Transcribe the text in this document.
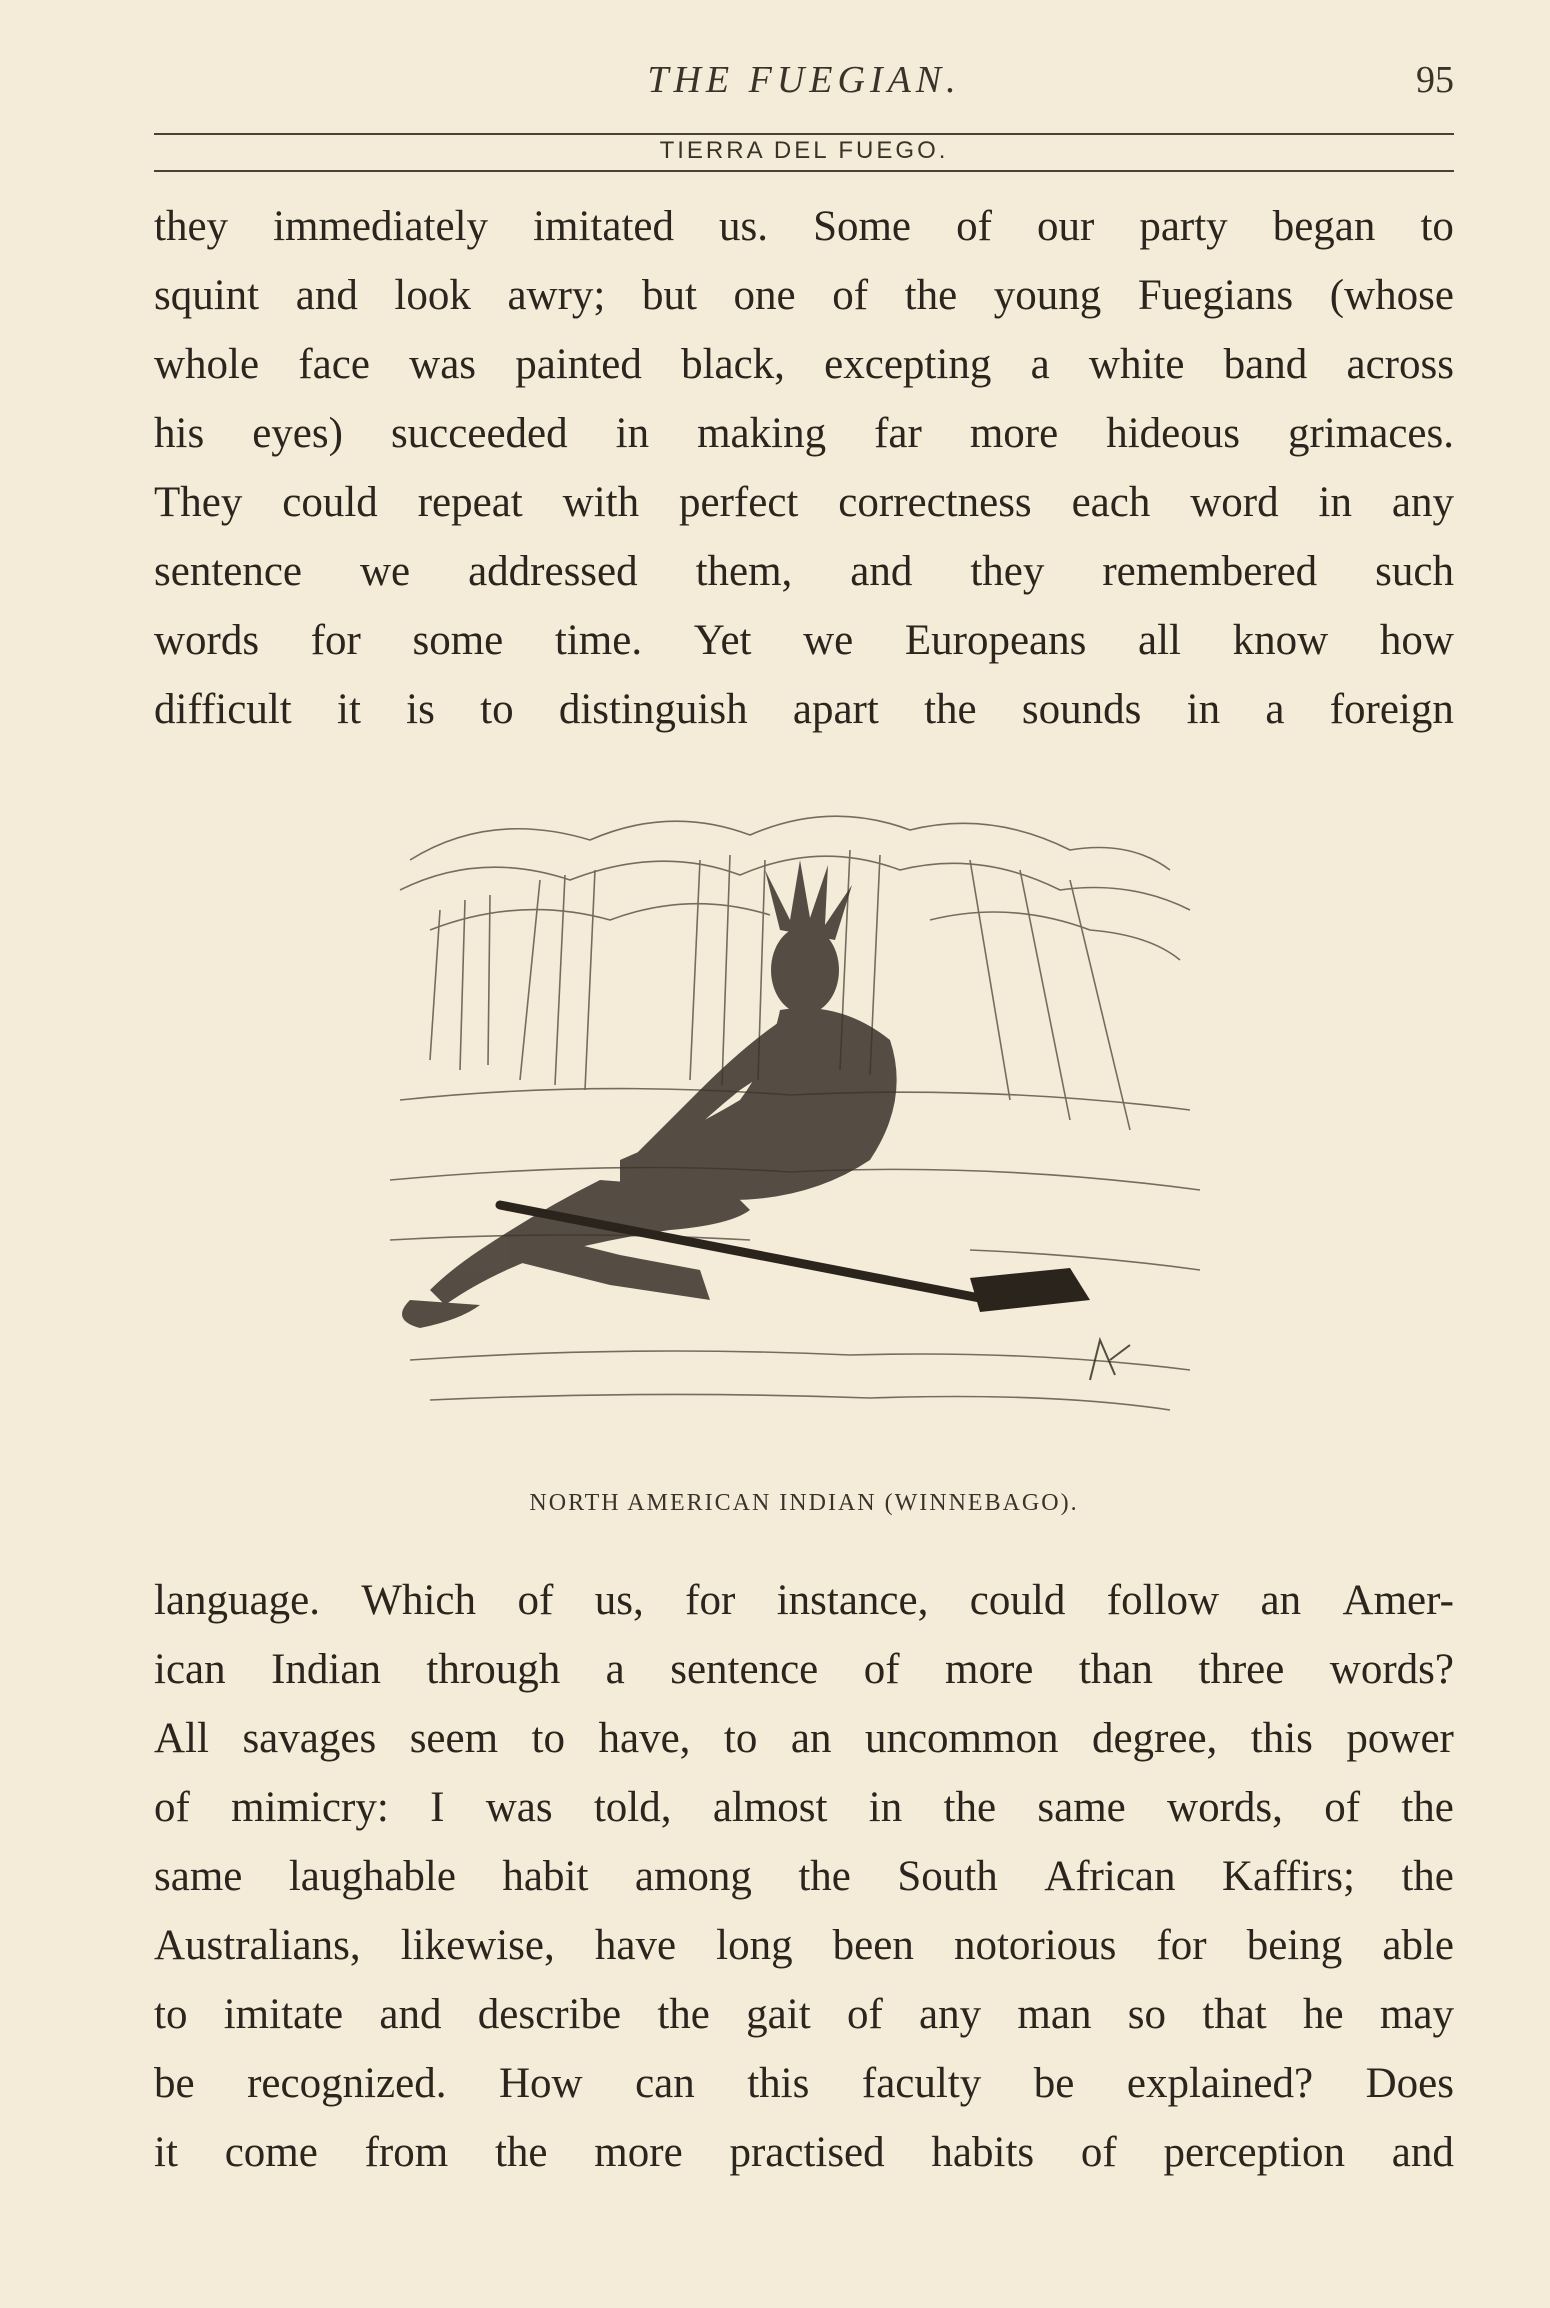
THE FUEGIAN.	95
TIERRA DEL FUEGO.
they immediately imitated us. Some of our party began to
squint and look awry; but one of the young Fuegians (whose
whole face was painted black, excepting a white band across
his eyes) succeeded in making far more hideous grimaces.
They could repeat with perfect correctness each word in any
sentence we addressed them, and they remembered such
words for some time. Yet we Europeans all know how
difficult it is to distinguish apart the sounds in a foreign
NORTH AMERICAN INDIAN (WINNEBAGO).
language. Which of us, for instance, could follow an Amer-
ican Indian through a sentence of more than three words?
All savages seem to have, to an uncommon degree, this power
of mimicry: I was told, almost in the same words, of the
same laughable habit among the South African Kaffirs; the
Australians, likewise, have long been notorious for being able
to imitate and describe the gait of any man so that he may
be recognized. How can this faculty be explained? Does
it come from the more practised habits of perception and
